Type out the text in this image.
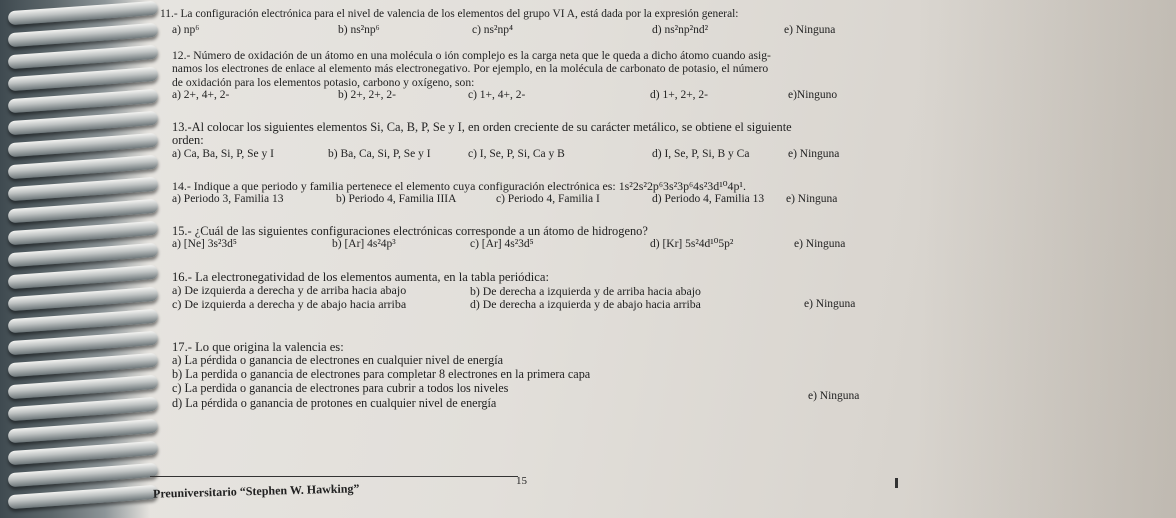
11.- La configuración electrónica para el nivel de valencia de los elementos del grupo VI A, está dada por la expresión general:
a) np⁶	b) ns²np⁶	c) ns²np⁴	d) ns²np²nd²	e) Ninguna
12.- Número de oxidación de un átomo en una molécula o ión complejo es la carga neta que le queda a dicho átomo cuando asig-
namos los electrones de enlace al elemento más electronegativo. Por ejemplo, en la molécula de carbonato de potasio, el número
de oxidación para los elementos potasio, carbono y oxígeno, son:
a) 2+, 4+, 2-	b) 2+, 2+, 2-	c) 1+, 4+, 2-	d) 1+, 2+, 2-	e)Ninguno
13.-Al colocar los siguientes elementos Si, Ca, B, P, Se y I, en orden creciente de su carácter metálico, se obtiene el siguiente
orden:
a) Ca, Ba, Si, P, Se y I	b) Ba, Ca, Si, P, Se y I	c) I, Se, P, Si, Ca y B	d) I, Se, P, Si, B y Ca	e) Ninguna
14.- Indique a que periodo y familia pertenece el elemento cuya configuración electrónica es: 1s²2s²2p⁶3s²3p⁶4s²3d¹⁰4p¹.
a) Periodo 3, Familia 13	b) Periodo 4, Familia IIIA	c) Periodo 4, Familia I	d) Periodo 4, Familia 13 e) Ninguna
15.- ¿Cuál de las siguientes configuraciones electrónicas corresponde a un átomo de hidrogeno?
a) [Ne] 3s²3d⁵	b) [Ar] 4s²4p³	c) [Ar] 4s²3d⁵	d) [Kr] 5s²4d¹⁰5p²	e) Ninguna
16.- La electronegatividad de los elementos aumenta, en la tabla periódica:
a) De izquierda a derecha y de arriba hacia abajo	b) De derecha a izquierda y de arriba hacia abajo
c) De izquierda a derecha y de abajo hacia arriba	d) De derecha a izquierda y de abajo hacia arriba	e) Ninguna
17.- Lo que origina la valencia es:
a) La pérdida o ganancia de electrones en cualquier nivel de energía
b) La perdida o ganancia de electrones para completar 8 electrones en la primera capa
c) La perdida o ganancia de electrones para cubrir a todos los niveles
d) La pérdida o ganancia de protones en cualquier nivel de energía	e) Ninguna
Preuniversitario “Stephen W. Hawking”
15
